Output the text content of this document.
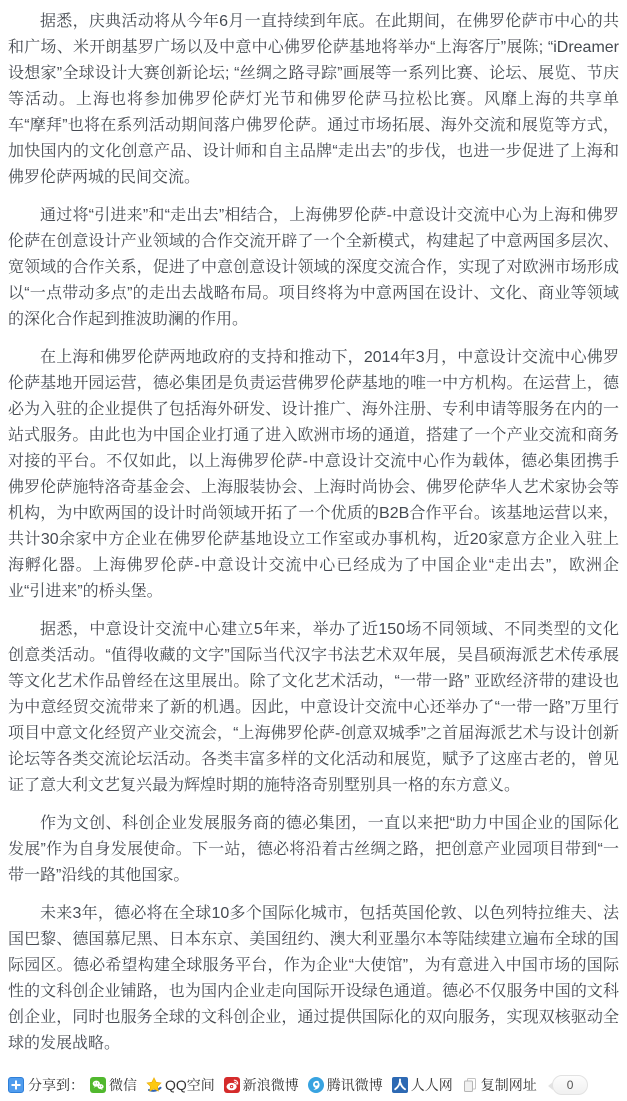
据悉，庆典活动将从今年6月一直持续到年底。在此期间，在佛罗伦萨市中心的共和广场、米开朗基罗广场以及中意中心佛罗伦萨基地将举办“上海客厅”展陈; “iDreamer设想家”全球设计大赛创新论坛; “丝绸之路寻踪”画展等一系列比赛、论坛、展览、节庆等活动。上海也将参加佛罗伦萨灯光节和佛罗伦萨马拉松比赛。风靡上海的共享单车“摩拜”也将在系列活动期间落户佛罗伦萨。通过市场拓展、海外交流和展览等方式，加快国内的文化创意产品、设计师和自主品牌“走出去”的步伐，也进一步促进了上海和佛罗伦萨两城的民间交流。

通过将“引进来”和“走出去”相结合，上海佛罗伦萨-中意设计交流中心为上海和佛罗伦萨在创意设计产业领域的合作交流开辟了一个全新模式，构建起了中意两国多层次、宽领域的合作关系，促进了中意创意设计领域的深度交流合作，实现了对欧洲市场形成以“一点带动多点”的走出去战略布局。项目终将为中意两国在设计、文化、商业等领域的深化合作起到推波助澜的作用。

在上海和佛罗伦萨两地政府的支持和推动下，2014年3月，中意设计交流中心佛罗伦萨基地开园运营，德必集团是负责运营佛罗伦萨基地的唯一中方机构。在运营上，德必为入驻的企业提供了包括海外研发、设计推广、海外注册、专利申请等服务在内的一站式服务。由此也为中国企业打通了进入欧洲市场的通道，搭建了一个产业交流和商务对接的平台。不仅如此，以上海佛罗伦萨-中意设计交流中心作为载体，德必集团携手佛罗伦萨施特洛奇基金会、上海服装协会、上海时尚协会、佛罗伦萨华人艺术家协会等机构，为中欧两国的设计时尚领域开拓了一个优质的B2B合作平台。该基地运营以来，共计30余家中方企业在佛罗伦萨基地设立工作室或办事机构，近20家意方企业入驻上海孵化器。上海佛罗伦萨-中意设计交流中心已经成为了中国企业“走出去”，欧洲企业“引进来”的桥头堡。

据悉，中意设计交流中心建立5年来，举办了近150场不同领域、不同类型的文化创意类活动。“值得收藏的文字”国际当代汉字书法艺术双年展，吴昌硕海派艺术传承展等文化艺术作品曾经在这里展出。除了文化艺术活动，“一带一路” 亚欧经济带的建设也为中意经贸交流带来了新的机遇。因此，中意设计交流中心还举办了“一带一路”万里行项目中意文化经贸产业交流会，“上海佛罗伦萨-创意双城季”之首届海派艺术与设计创新论坛等各类交流论坛活动。各类丰富多样的文化活动和展览，赋予了这座古老的，曾见证了意大利文艺复兴最为辉煌时期的施特洛奇别墅别具一格的东方意义。

作为文创、科创企业发展服务商的德必集团，一直以来把“助力中国企业的国际化发展”作为自身发展使命。下一站，德必将沿着古丝绸之路，把创意产业园项目带到“一带一路”沿线的其他国家。

未来3年，德必将在全球10多个国际化城市，包括英国伦敦、以色列特拉维夫、法国巴黎、德国慕尼黑、日本东京、美国纽约、澳大利亚墨尔本等陆续建立遍布全球的国际园区。德必希望构建全球服务平台，作为企业“大使馆”，为有意进入中国市场的国际性的文科创企业铺路，也为国内企业走向国际开设绿色通道。德必不仅服务中国的文科创企业，同时也服务全球的文科创企业，通过提供国际化的双向服务，实现双核驱动全球的发展战略。

分享到： 微信 QQ空间 新浪微博 腾讯微博 人人网 复制网址	0
